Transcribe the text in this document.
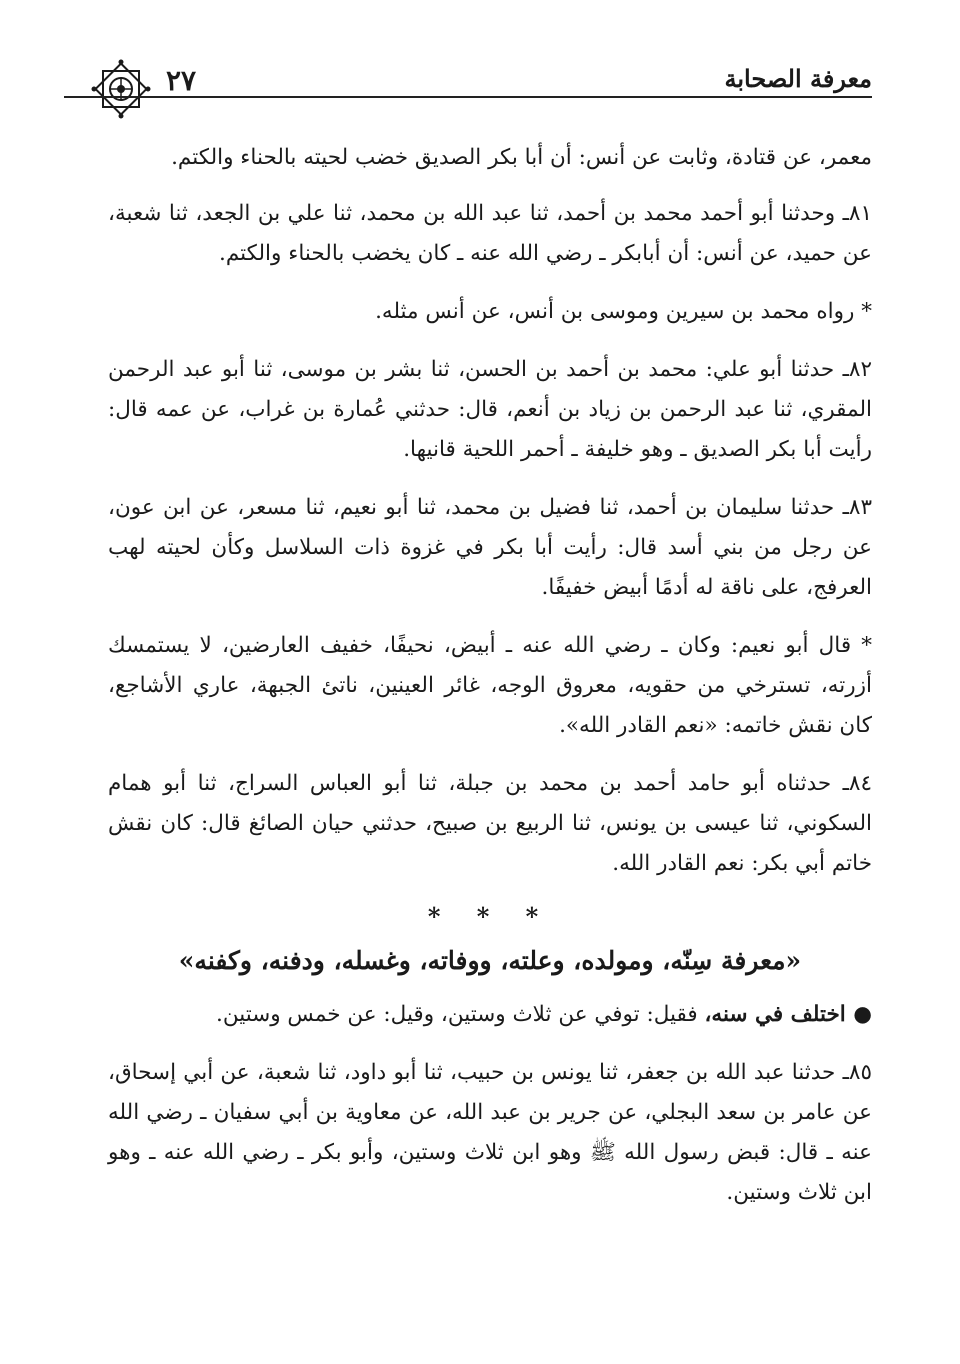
٢٧	معرفة الصحابة

معمر، عن قتادة، وثابت عن أنس: أن أبا بكر الصديق خضب لحيته بالحناء والكتم.

٨١ـ وحدثنا أبو أحمد محمد بن أحمد، ثنا عبد الله بن محمد، ثنا علي بن الجعد، ثنا شعبة، عن حميد، عن أنس: أن أبابكر ـ رضي الله عنه ـ كان يخضب بالحناء والكتم.

* رواه محمد بن سيرين وموسى بن أنس، عن أنس مثله.

٨٢ـ حدثنا أبو علي: محمد بن أحمد بن الحسن، ثنا بشر بن موسى، ثنا أبو عبد الرحمن المقري، ثنا عبد الرحمن بن زياد بن أنعم، قال: حدثني عُمارة بن غراب، عن عمه قال: رأيت أبا بكر الصديق ـ وهو خليفة ـ أحمر اللحية قانيها.

٨٣ـ حدثنا سليمان بن أحمد، ثنا فضيل بن محمد، ثنا أبو نعيم، ثنا مسعر، عن ابن عون، عن رجل من بني أسد قال: رأيت أبا بكر في غزوة ذات السلاسل وكأن لحيته لهب العرفج، على ناقة له أدمًا أبيض خفيفًا.

* قال أبو نعيم: وكان ـ رضي الله عنه ـ أبيض، نحيفًا، خفيف العارضين، لا يستمسك أزرته، تسترخي من حقويه، معروق الوجه، غائر العينين، ناتئ الجبهة، عاري الأشاجع، كان نقش خاتمه: «نعم القادر الله».

٨٤ـ حدثناه أبو حامد أحمد بن محمد بن جبلة، ثنا أبو العباس السراج، ثنا أبو همام السكوني، ثنا عيسى بن يونس، ثنا الربيع بن صبيح، حدثني حيان الصائغ قال: كان نقش خاتم أبي بكر: نعم القادر الله.

* * *
«معرفة سِنّه، ومولده، وعلته، ووفاته، وغسله، ودفنه، وكفنه»

● اختلف في سنه، فقيل: توفي عن ثلاث وستين، وقيل: عن خمس وستين.

٨٥ـ حدثنا عبد الله بن جعفر، ثنا يونس بن حبيب، ثنا أبو داود، ثنا شعبة، عن أبي إسحاق، عن عامر بن سعد البجلي، عن جرير بن عبد الله، عن معاوية بن أبي سفيان ـ رضي الله عنه ـ قال: قبض رسول الله ﷺ وهو ابن ثلاث وستين، وأبو بكر ـ رضي الله عنه ـ وهو ابن ثلاث وستين.
